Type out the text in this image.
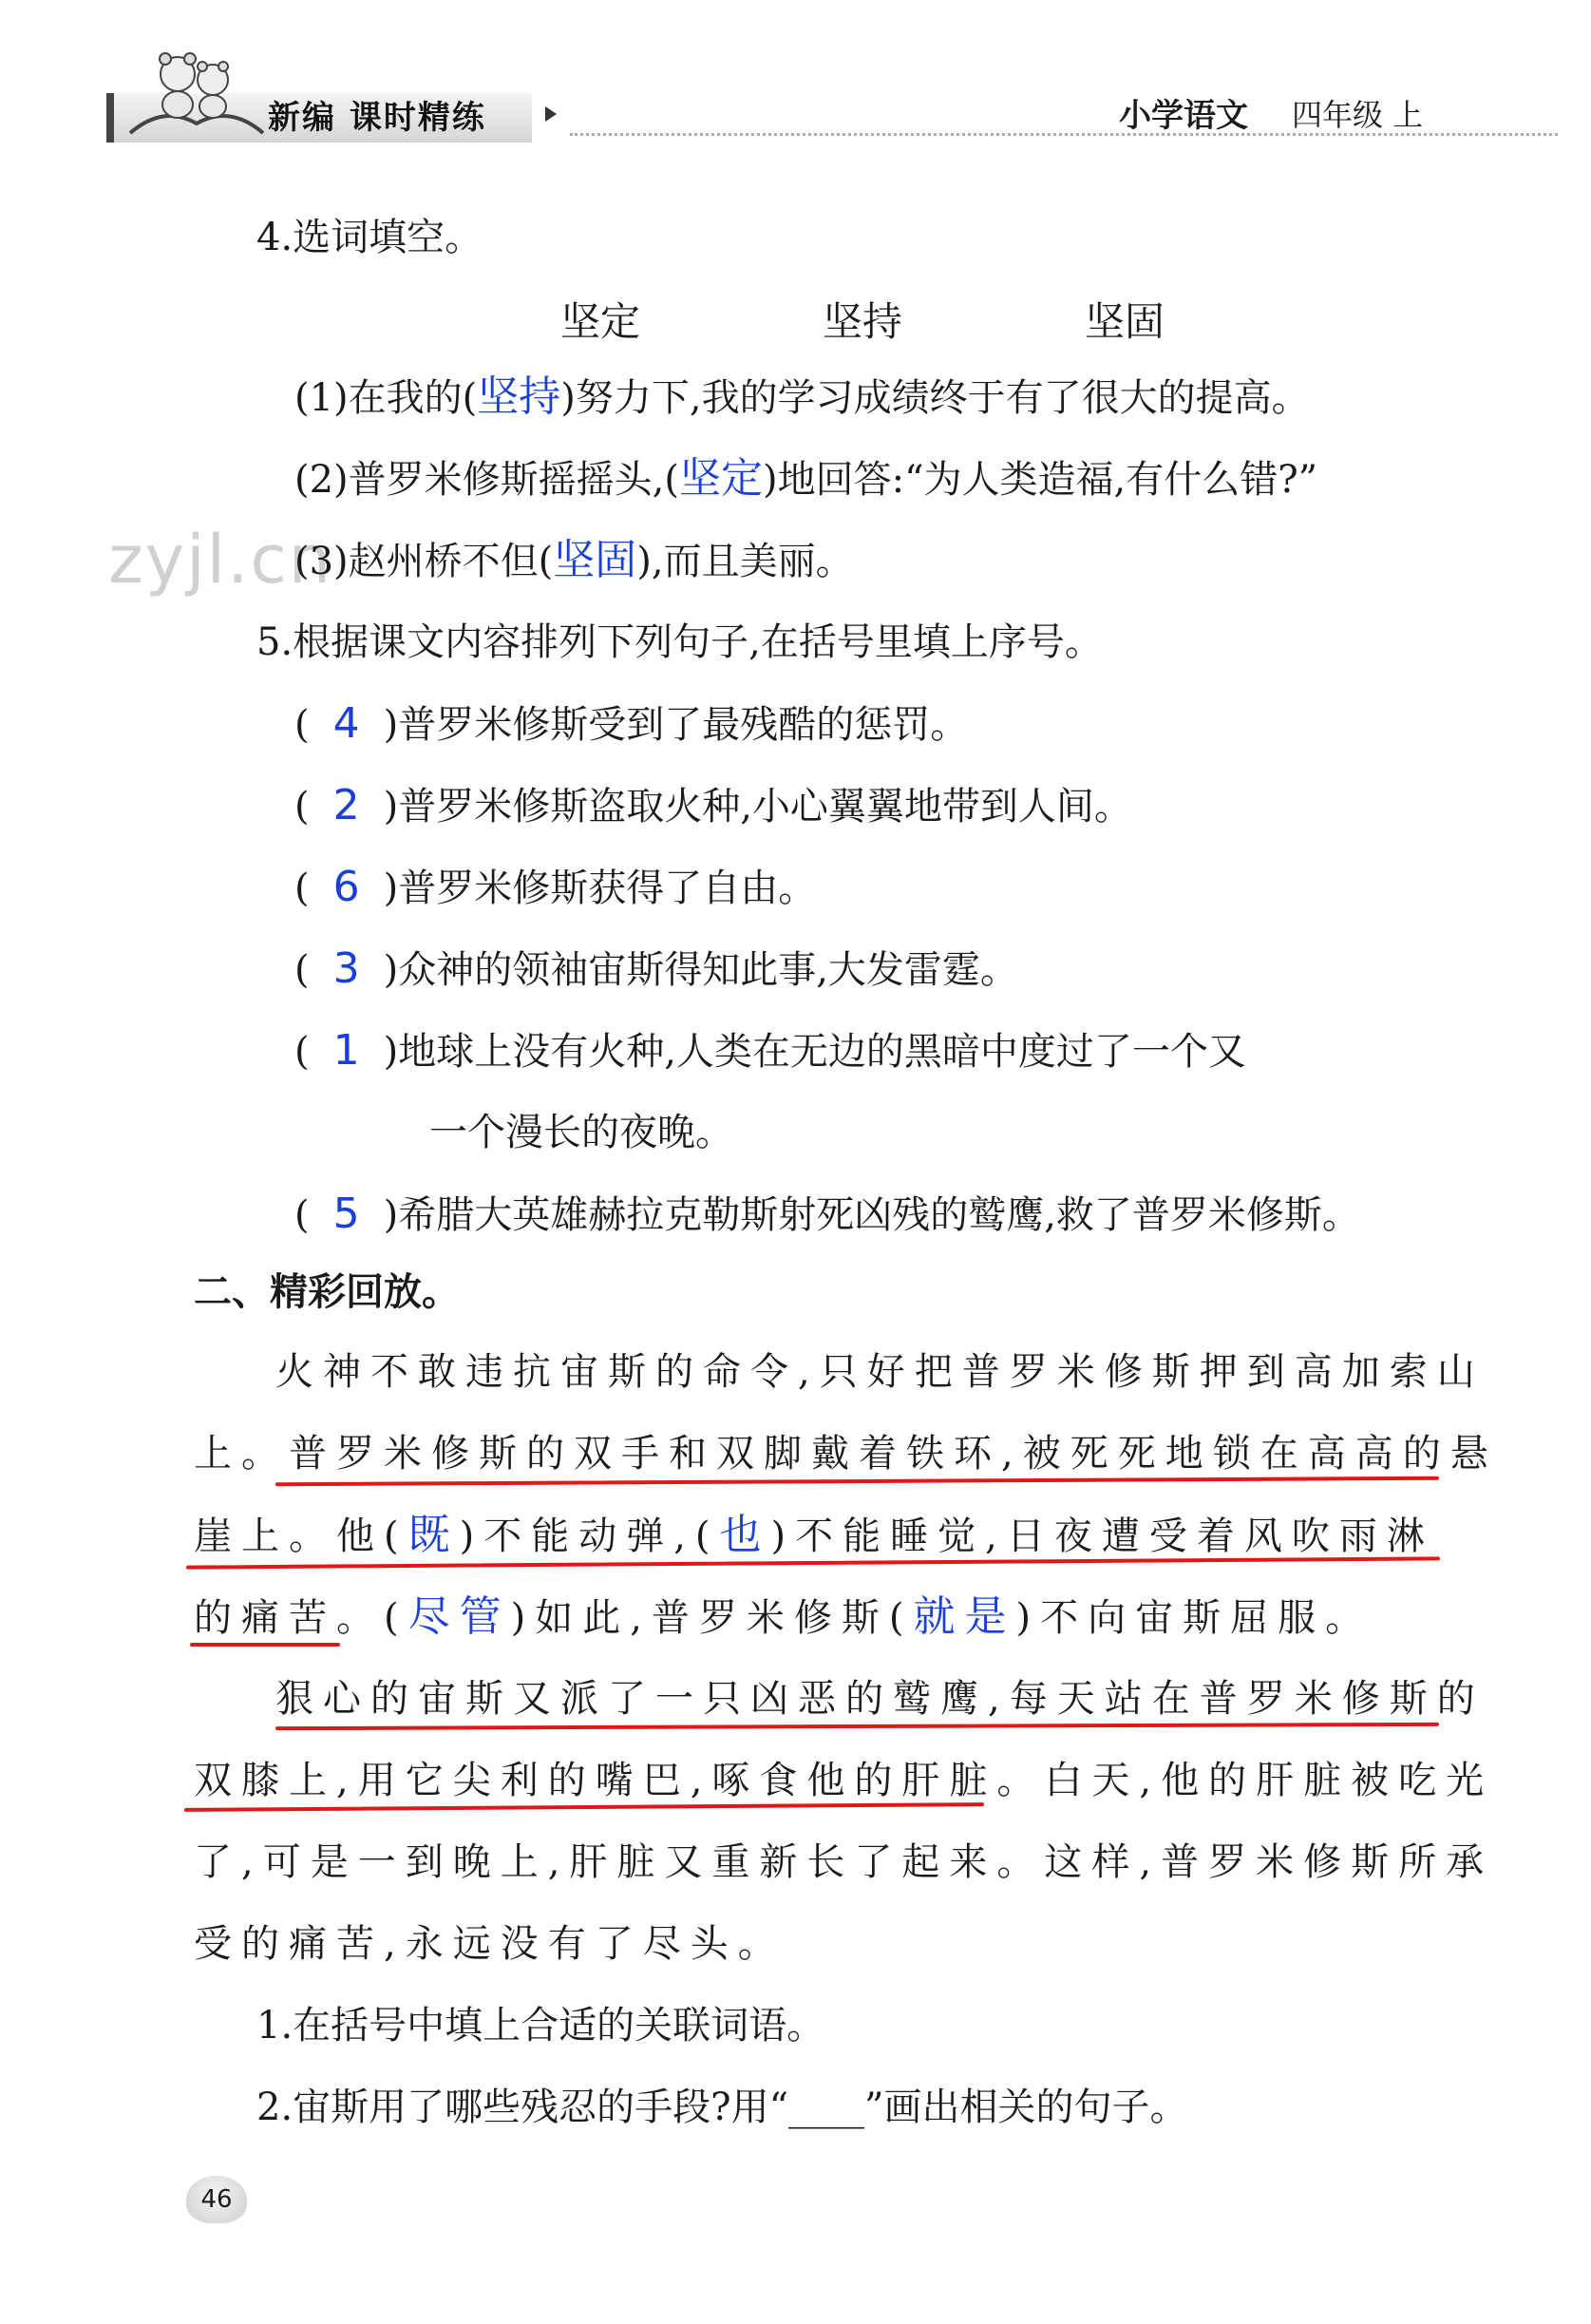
新编 课时精练	小学语文 四年级 上
zyjl.cn
4.选词填空。
坚定	坚持	坚固
(1)在我的(坚持)努力下,我的学习成绩终于有了很大的提高。
(2)普罗米修斯摇摇头,(坚定)地回答:“为人类造福,有什么错?”
(3)赵州桥不但(坚固),而且美丽。
5.根据课文内容排列下列句子,在括号里填上序号。
( 4 )普罗米修斯受到了最残酷的惩罚。
( 2 )普罗米修斯盗取火种,小心翼翼地带到人间。
( 6 )普罗米修斯获得了自由。
( 3 )众神的领袖宙斯得知此事,大发雷霆。
( 1 )地球上没有火种,人类在无边的黑暗中度过了一个又
一个漫长的夜晚。
( 5 )希腊大英雄赫拉克勒斯射死凶残的鹫鹰,救了普罗米修斯。
二、精彩回放。
火神不敢违抗宙斯的命令,只好把普罗米修斯押到高加索山
上。普罗米修斯的双手和双脚戴着铁环,被死死地锁在高高的悬
崖上。他(既)不能动弹,(也)不能睡觉,日夜遭受着风吹雨淋
的痛苦。(尽管)如此,普罗米修斯(就是)不向宙斯屈服。
狠心的宙斯又派了一只凶恶的鹫鹰,每天站在普罗米修斯的
双膝上,用它尖利的嘴巴,啄食他的肝脏。白天,他的肝脏被吃光
了,可是一到晚上,肝脏又重新长了起来。这样,普罗米修斯所承
受的痛苦,永远没有了尽头。
1.在括号中填上合适的关联词语。
2.宙斯用了哪些残忍的手段?用“____”画出相关的句子。
46
